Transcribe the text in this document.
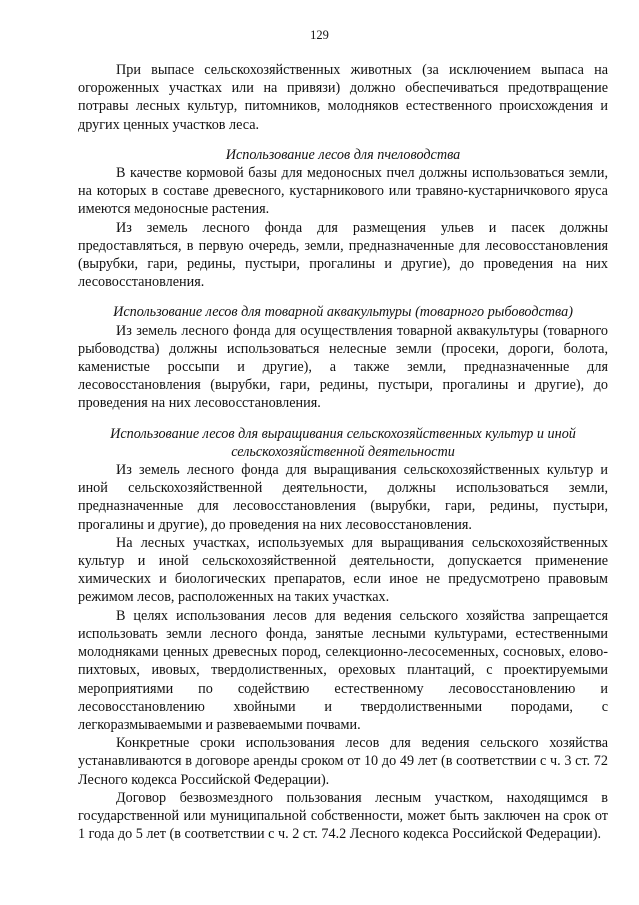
129

При выпасе сельскохозяйственных животных (за исключением выпаса на огороженных участках или на привязи) должно обеспечиваться предотвращение потравы лесных культур, питомников, молодняков естественного происхождения и других ценных участков леса.

Использование лесов для пчеловодства

В качестве кормовой базы для медоносных пчел должны использоваться земли, на которых в составе древесного, кустарникового или травяно-кустарничкового яруса имеются медоносные растения.

Из земель лесного фонда для размещения ульев и пасек должны предоставляться, в первую очередь, земли, предназначенные для лесовосстановления (вырубки, гари, редины, пустыри, прогалины и другие), до проведения на них лесовосстановления.

Использование лесов для товарной аквакультуры (товарного рыбоводства)

Из земель лесного фонда для осуществления товарной аквакультуры (товарного рыбоводства) должны использоваться нелесные земли (просеки, дороги, болота, каменистые россыпи и другие), а также земли, предназначенные для лесовосстановления (вырубки, гари, редины, пустыри, прогалины и другие), до проведения на них лесовосстановления.

Использование лесов для выращивания сельскохозяйственных культур и иной

сельскохозяйственной деятельности

Из земель лесного фонда для выращивания сельскохозяйственных культур и иной сельскохозяйственной деятельности, должны использоваться земли, предназначенные для лесовосстановления (вырубки, гари, редины, пустыри, прогалины и другие), до проведения на них лесовосстановления.

На лесных участках, используемых для выращивания сельскохозяйственных культур и иной сельскохозяйственной деятельности, допускается применение химических и биологических препаратов, если иное не предусмотрено правовым режимом лесов, расположенных на таких участках.

В целях использования лесов для ведения сельского хозяйства запрещается использовать земли лесного фонда, занятые лесными культурами, естественными молодняками ценных древесных пород, селекционно-лесосеменных, сосновых, елово-пихтовых, ивовых, твердолиственных, ореховых плантаций, с проектируемыми мероприятиями по содействию естественному лесовосстановлению и лесовосстановлению хвойными и твердолиственными породами, с легкоразмываемыми и развеваемыми почвами.

Конкретные сроки использования лесов для ведения сельского хозяйства устанавливаются в договоре аренды сроком от 10 до 49 лет (в соответствии с ч. 3 ст. 72 Лесного кодекса Российской Федерации).

Договор безвозмездного пользования лесным участком, находящимся в государственной или муниципальной собственности, может быть заключен на срок от 1 года до 5 лет (в соответствии с ч. 2 ст. 74.2 Лесного кодекса Российской Федерации).
